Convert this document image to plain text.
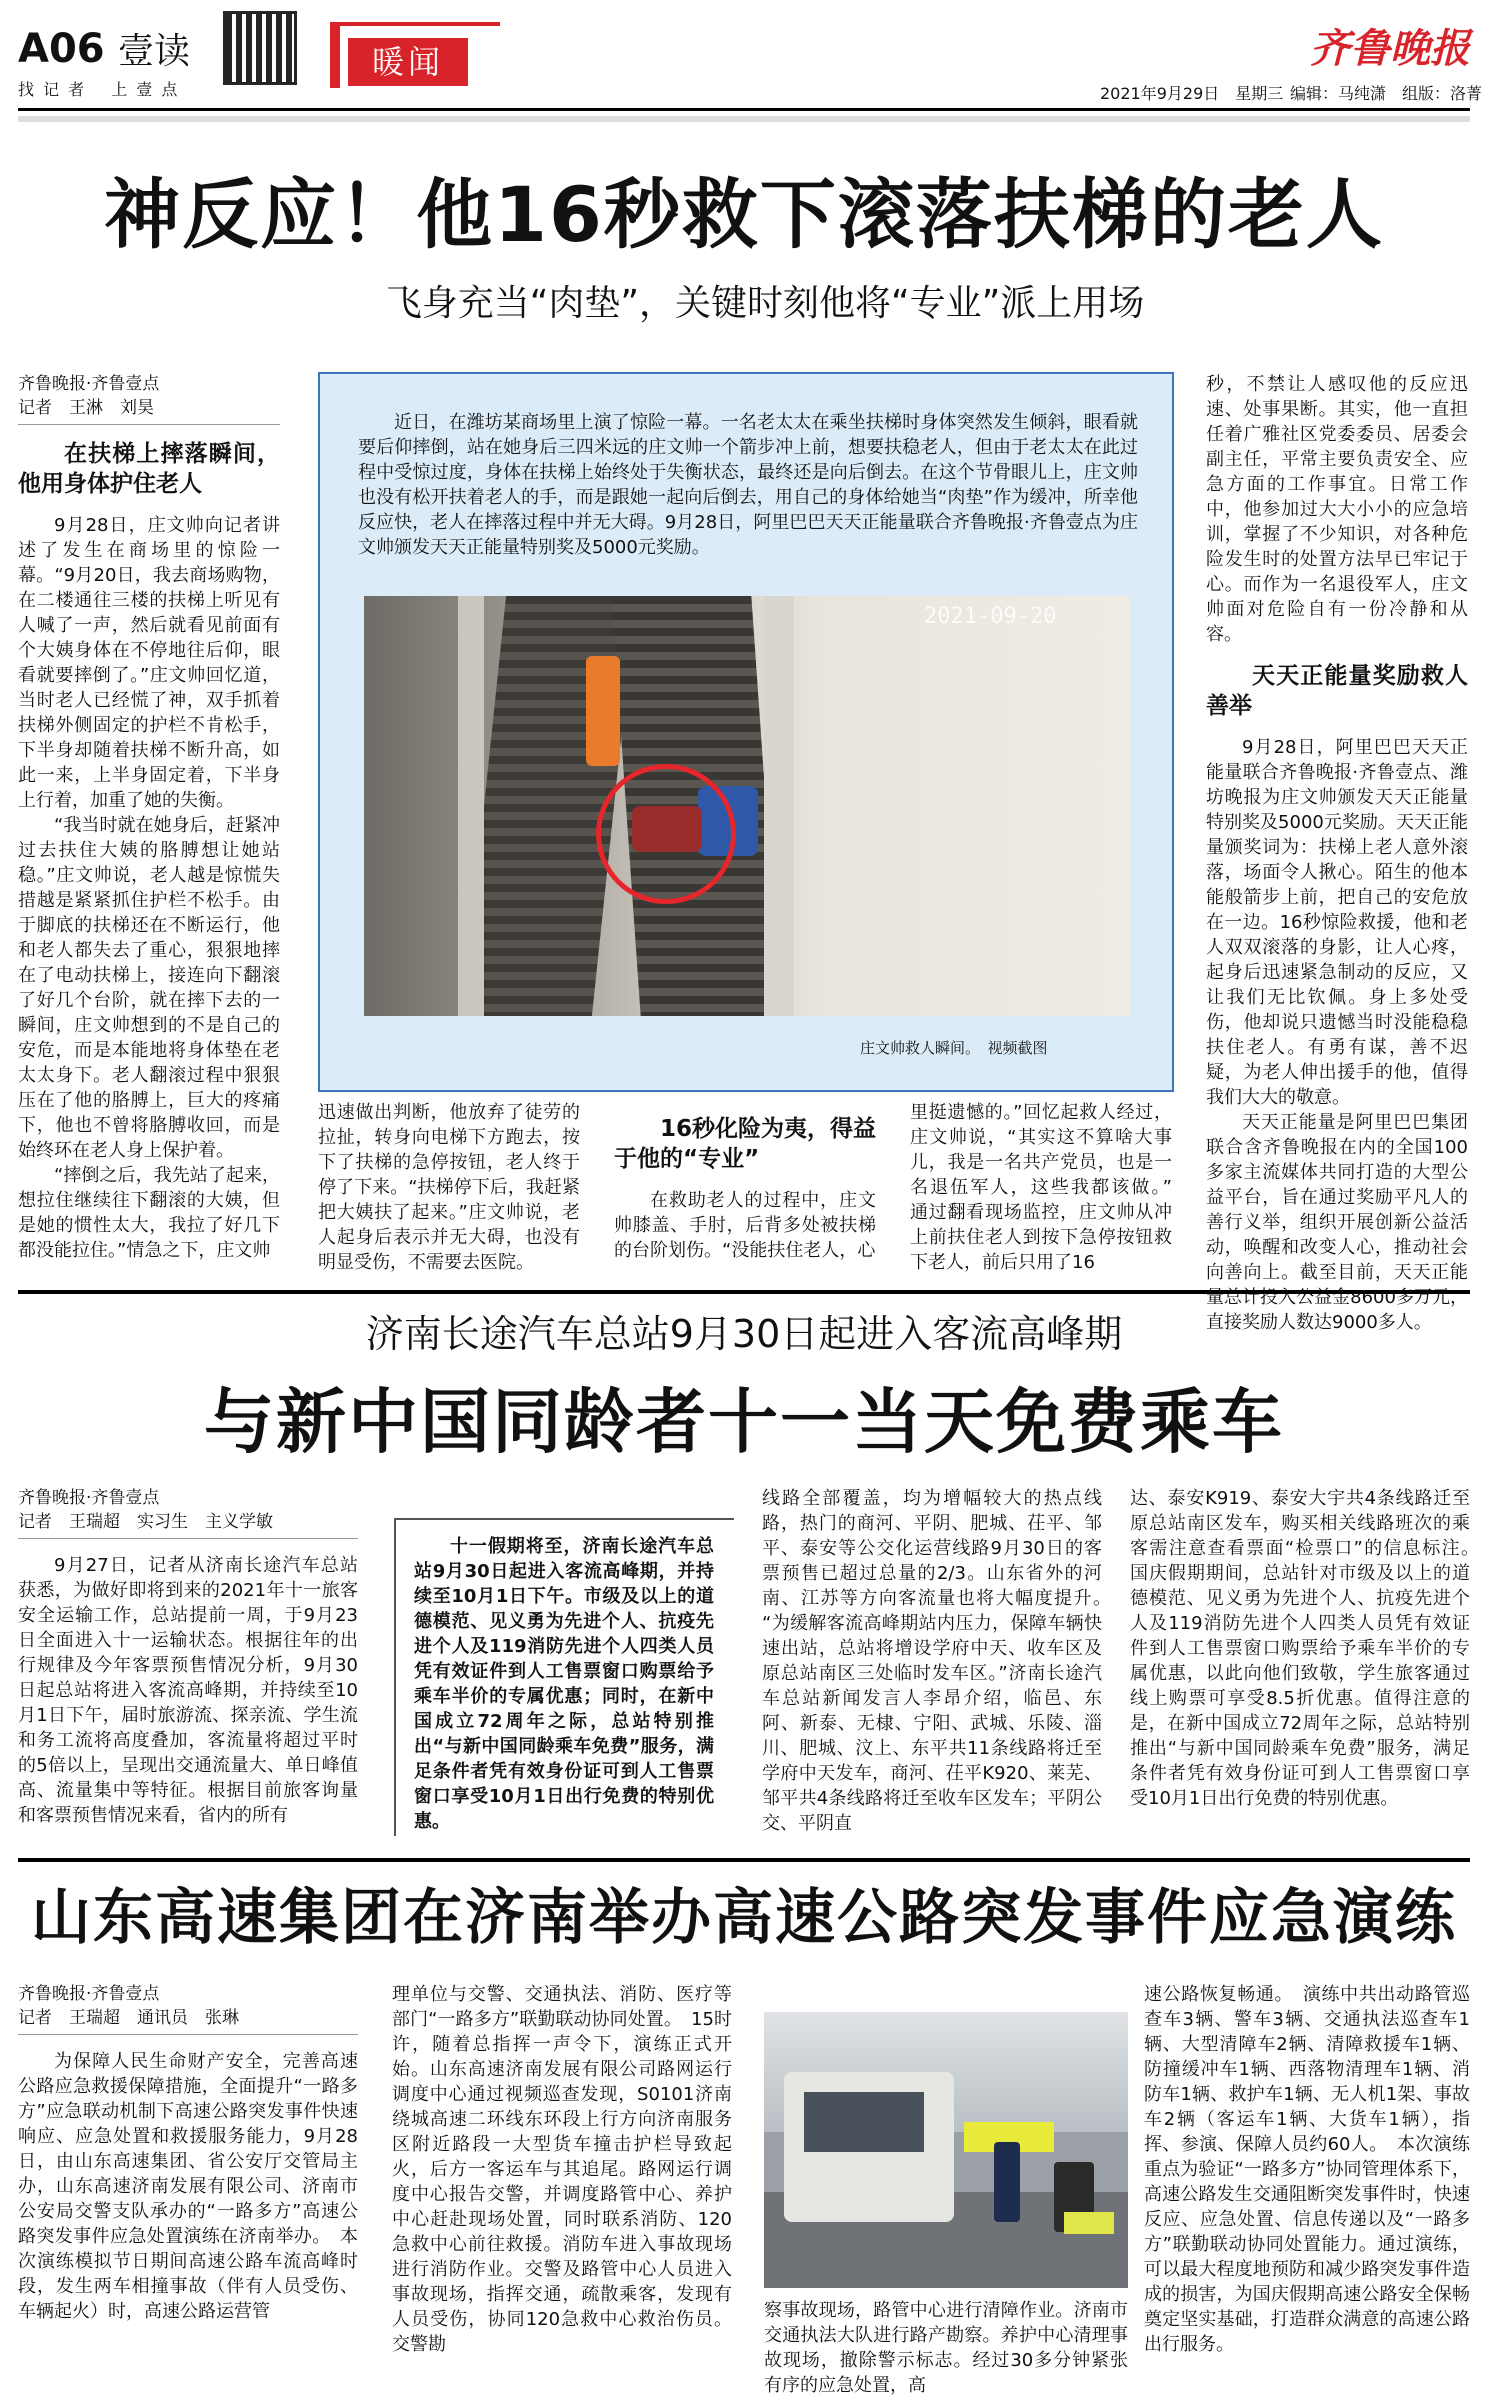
A06 壹读
找 记 者 　上 壹 点
暖闻	齐鲁晚报
2021年9月29日　星期三 编辑：马纯潇　组版：洛菁
神反应！他16秒救下滚落扶梯的老人
飞身充当“肉垫”，关键时刻他将“专业”派上用场
齐鲁晚报·齐鲁壹点
记者　王淋　刘昊
在扶梯上摔落瞬间，他用身体护住老人

9月28日，庄文帅向记者讲述了发生在商场里的惊险一幕。“9月20日，我去商场购物，在二楼通往三楼的扶梯上听见有人喊了一声，然后就看见前面有个大姨身体在不停地往后仰，眼看就要摔倒了。”庄文帅回忆道，当时老人已经慌了神，双手抓着扶梯外侧固定的护栏不肯松手，下半身却随着扶梯不断升高，如此一来，上半身固定着，下半身上行着，加重了她的失衡。

“我当时就在她身后，赶紧冲过去扶住大姨的胳膊想让她站稳。”庄文帅说，老人越是惊慌失措越是紧紧抓住护栏不松手。由于脚底的扶梯还在不断运行，他和老人都失去了重心，狠狠地摔在了电动扶梯上，接连向下翻滚了好几个台阶，就在摔下去的一瞬间，庄文帅想到的不是自己的安危，而是本能地将身体垫在老太太身下。老人翻滚过程中狠狠压在了他的胳膊上，巨大的疼痛下，他也不曾将胳膊收回，而是始终环在老人身上保护着。

“摔倒之后，我先站了起来，想拉住继续往下翻滚的大姨，但是她的惯性太大，我拉了好几下都没能拉住。”情急之下，庄文帅

近日，在潍坊某商场里上演了惊险一幕。一名老太太在乘坐扶梯时身体突然发生倾斜，眼看就要后仰摔倒，站在她身后三四米远的庄文帅一个箭步冲上前，想要扶稳老人，但由于老太太在此过程中受惊过度，身体在扶梯上始终处于失衡状态，最终还是向后倒去。在这个节骨眼儿上，庄文帅也没有松开扶着老人的手，而是跟她一起向后倒去，用自己的身体给她当“肉垫”作为缓冲，所幸他反应快，老人在摔落过程中并无大碍。9月28日，阿里巴巴天天正能量联合齐鲁晚报·齐鲁壹点为庄文帅颁发天天正能量特别奖及5000元奖励。
2021-09-20
庄文帅救人瞬间。　视频截图

迅速做出判断，他放弃了徒劳的拉扯，转身向电梯下方跑去，按下了扶梯的急停按钮，老人终于停了下来。“扶梯停下后，我赶紧把大姨扶了起来。”庄文帅说，老人起身后表示并无大碍，也没有明显受伤，不需要去医院。

16秒化险为夷，得益于他的“专业”

在救助老人的过程中，庄文帅膝盖、手肘，后背多处被扶梯的台阶划伤。“没能扶住老人，心

里挺遗憾的。”回忆起救人经过，庄文帅说，“其实这不算啥大事儿，我是一名共产党员，也是一名退伍军人，这些我都该做。”　通过翻看现场监控，庄文帅从冲上前扶住老人到按下急停按钮救下老人，前后只用了16

秒，不禁让人感叹他的反应迅速、处事果断。其实，他一直担任着广雅社区党委委员、居委会副主任，平常主要负责安全、应急方面的工作事宜。日常工作中，他参加过大大小小的应急培训，掌握了不少知识，对各种危险发生时的处置方法早已牢记于心。而作为一名退役军人，庄文帅面对危险自有一份冷静和从容。

天天正能量奖励救人善举

9月28日，阿里巴巴天天正能量联合齐鲁晚报·齐鲁壹点、潍坊晚报为庄文帅颁发天天正能量特别奖及5000元奖励。天天正能量颁奖词为：扶梯上老人意外滚落，场面令人揪心。陌生的他本能般箭步上前，把自己的安危放在一边。16秒惊险救援，他和老人双双滚落的身影，让人心疼，起身后迅速紧急制动的反应，又让我们无比钦佩。身上多处受伤，他却说只遗憾当时没能稳稳扶住老人。有勇有谋，善不迟疑，为老人伸出援手的他，值得我们大大的敬意。

天天正能量是阿里巴巴集团联合含齐鲁晚报在内的全国100多家主流媒体共同打造的大型公益平台，旨在通过奖励平凡人的善行义举，组织开展创新公益活动，唤醒和改变人心，推动社会向善向上。截至目前，天天正能量总计投入公益金8600多万元，直接奖励人数达9000多人。

济南长途汽车总站9月30日起进入客流高峰期
与新中国同龄者十一当天免费乘车
齐鲁晚报·齐鲁壹点
记者　王瑞超　实习生　主义学敏

9月27日，记者从济南长途汽车总站获悉，为做好即将到来的2021年十一旅客安全运输工作，总站提前一周，于9月23日全面进入十一运输状态。根据往年的出行规律及今年客票预售情况分析，9月30日起总站将进入客流高峰期，并持续至10月1日下午，届时旅游流、探亲流、学生流和务工流将高度叠加，客流量将超过平时的5倍以上，呈现出交通流量大、单日峰值高、流量集中等特征。根据目前旅客询量和客票预售情况来看，省内的所有

十一假期将至，济南长途汽车总站9月30日起进入客流高峰期，并持续至10月1日下午。市级及以上的道德模范、见义勇为先进个人、抗疫先进个人及119消防先进个人四类人员凭有效证件到人工售票窗口购票给予乘车半价的专属优惠；同时，在新中国成立72周年之际，总站特别推出“与新中国同龄乘车免费”服务，满足条件者凭有效身份证可到人工售票窗口享受10月1日出行免费的特别优惠。

线路全部覆盖，均为增幅较大的热点线路，热门的商河、平阴、肥城、茌平、邹平、泰安等公交化运营线路9月30日的客票预售已超过总量的2/3。山东省外的河南、江苏等方向客流量也将大幅度提升。　“为缓解客流高峰期站内压力，保障车辆快速出站，总站将增设学府中天、收车区及原总站南区三处临时发车区。”济南长途汽车总站新闻发言人李昂介绍，临邑、东阿、新泰、无棣、宁阳、武城、乐陵、淄川、肥城、汶上、东平共11条线路将迁至学府中天发车，商河、茌平K920、莱芜、邹平共4条线路将迁至收车区发车；平阴公交、平阴直

达、泰安K919、泰安大宇共4条线路迁至原总站南区发车，购买相关线路班次的乘客需注意查看票面“检票口”的信息标注。　国庆假期期间，总站针对市级及以上的道德模范、见义勇为先进个人、抗疫先进个人及119消防先进个人四类人员凭有效证件到人工售票窗口购票给予乘车半价的专属优惠，以此向他们致敬，学生旅客通过线上购票可享受8.5折优惠。值得注意的是，在新中国成立72周年之际，总站特别推出“与新中国同龄乘车免费”服务，满足条件者凭有效身份证可到人工售票窗口享受10月1日出行免费的特别优惠。

山东高速集团在济南举办高速公路突发事件应急演练
齐鲁晚报·齐鲁壹点
记者　王瑞超　通讯员　张琳

为保障人民生命财产安全，完善高速公路应急救援保障措施，全面提升“一路多方”应急联动机制下高速公路突发事件快速响应、应急处置和救援服务能力，9月28日，由山东高速集团、省公安厅交管局主办，山东高速济南发展有限公司、济南市公安局交警支队承办的“一路多方”高速公路突发事件应急处置演练在济南举办。　本次演练模拟节日期间高速公路车流高峰时段，发生两车相撞事故（伴有人员受伤、车辆起火）时，高速公路运营管

理单位与交警、交通执法、消防、医疗等部门“一路多方”联勤联动协同处置。　15时许，随着总指挥一声令下，演练正式开始。山东高速济南发展有限公司路网运行调度中心通过视频巡查发现，S0101济南绕城高速二环线东环段上行方向济南服务区附近路段一大型货车撞击护栏导致起火，后方一客运车与其追尾。路网运行调度中心报告交警，并调度路管中心、养护中心赶赴现场处置，同时联系消防、120急救中心前往救援。消防车进入事故现场进行消防作业。交警及路管中心人员进入事故现场，指挥交通，疏散乘客，发现有人员受伤，协同120急救中心救治伤员。交警勘

察事故现场，路管中心进行清障作业。济南市交通执法大队进行路产勘察。养护中心清理事故现场，撤除警示标志。经过30多分钟紧张有序的应急处置，高

速公路恢复畅通。　演练中共出动路管巡查车3辆、警车3辆、交通执法巡查车1辆、大型清障车2辆、清障救援车1辆、防撞缓冲车1辆、西落物清理车1辆、消防车1辆、救护车1辆、无人机1架、事故车2辆（客运车1辆、大货车1辆），指挥、参演、保障人员约60人。　本次演练重点为验证“一路多方”协同管理体系下，高速公路发生交通阻断突发事件时，快速反应、应急处置、信息传递以及“一路多方”联勤联动协同处置能力。通过演练，可以最大程度地预防和减少路突发事件造成的损害，为国庆假期高速公路安全保畅奠定坚实基础，打造群众满意的高速公路出行服务。
